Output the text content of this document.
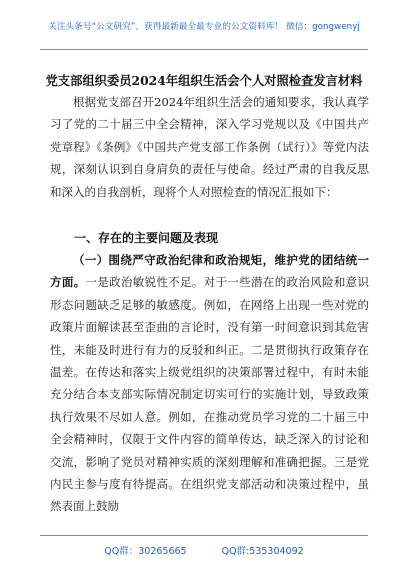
关注头条号“公文研究”，获得最新最全最专业的公文资料库！ 微信：gongwenyj
党支部组织委员2024年组织生活会个人对照检查发言材料

根据党支部召开2024年组织生活会的通知要求，我认真学习了党的二十届三中全会精神，深入学习党规以及《中国共产党章程》《条例》《中国共产党支部工作条例（试行）》等党内法规，深刻认识到自身肩负的责任与使命。经过严肃的自我反思和深入的自我剖析，现将个人对照检查的情况汇报如下：

一、存在的主要问题及表现

（一）围绕严守政治纪律和政治规矩，维护党的团结统一方面。一是政治敏锐性不足。对于一些潜在的政治风险和意识形态问题缺乏足够的敏感度。例如，在网络上出现一些对党的政策片面解读甚至歪曲的言论时，没有第一时间意识到其危害性，未能及时进行有力的反驳和纠正。二是贯彻执行政策存在温差。在传达和落实上级党组织的决策部署过程中，有时未能充分结合本支部实际情况制定切实可行的实施计划，导致政策执行效果不尽如人意。例如，在推动党员学习党的二十届三中全会精神时，仅限于文件内容的简单传达，缺乏深入的讨论和交流，影响了党员对精神实质的深刻理解和准确把握。三是党内民主参与度有待提高。在组织党支部活动和决策过程中，虽然表面上鼓励

QQ群：30265665	QQ群:535304092
